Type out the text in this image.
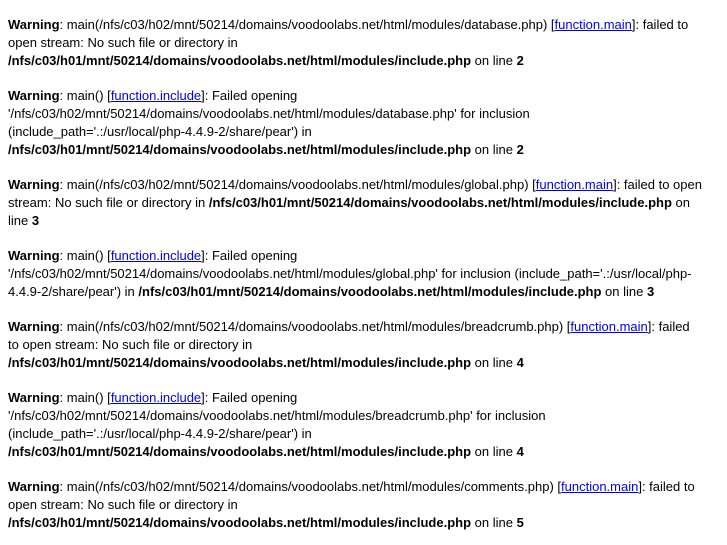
Warning: main(/nfs/c03/h02/mnt/50214/domains/voodoolabs.net/html/modules/database.php) [function.main]: failed to open stream: No such file or directory in /nfs/c03/h01/mnt/50214/domains/voodoolabs.net/html/modules/include.php on line 2
Warning: main() [function.include]: Failed opening '/nfs/c03/h02/mnt/50214/domains/voodoolabs.net/html/modules/database.php' for inclusion (include_path='.:/usr/local/php-4.4.9-2/share/pear') in /nfs/c03/h01/mnt/50214/domains/voodoolabs.net/html/modules/include.php on line 2
Warning: main(/nfs/c03/h02/mnt/50214/domains/voodoolabs.net/html/modules/global.php) [function.main]: failed to open stream: No such file or directory in /nfs/c03/h01/mnt/50214/domains/voodoolabs.net/html/modules/include.php on line 3
Warning: main() [function.include]: Failed opening '/nfs/c03/h02/mnt/50214/domains/voodoolabs.net/html/modules/global.php' for inclusion (include_path='.:/usr/local/php-4.4.9-2/share/pear') in /nfs/c03/h01/mnt/50214/domains/voodoolabs.net/html/modules/include.php on line 3
Warning: main(/nfs/c03/h02/mnt/50214/domains/voodoolabs.net/html/modules/breadcrumb.php) [function.main]: failed to open stream: No such file or directory in /nfs/c03/h01/mnt/50214/domains/voodoolabs.net/html/modules/include.php on line 4
Warning: main() [function.include]: Failed opening '/nfs/c03/h02/mnt/50214/domains/voodoolabs.net/html/modules/breadcrumb.php' for inclusion (include_path='.:/usr/local/php-4.4.9-2/share/pear') in /nfs/c03/h01/mnt/50214/domains/voodoolabs.net/html/modules/include.php on line 4
Warning: main(/nfs/c03/h02/mnt/50214/domains/voodoolabs.net/html/modules/comments.php) [function.main]: failed to open stream: No such file or directory in /nfs/c03/h01/mnt/50214/domains/voodoolabs.net/html/modules/include.php on line 5
